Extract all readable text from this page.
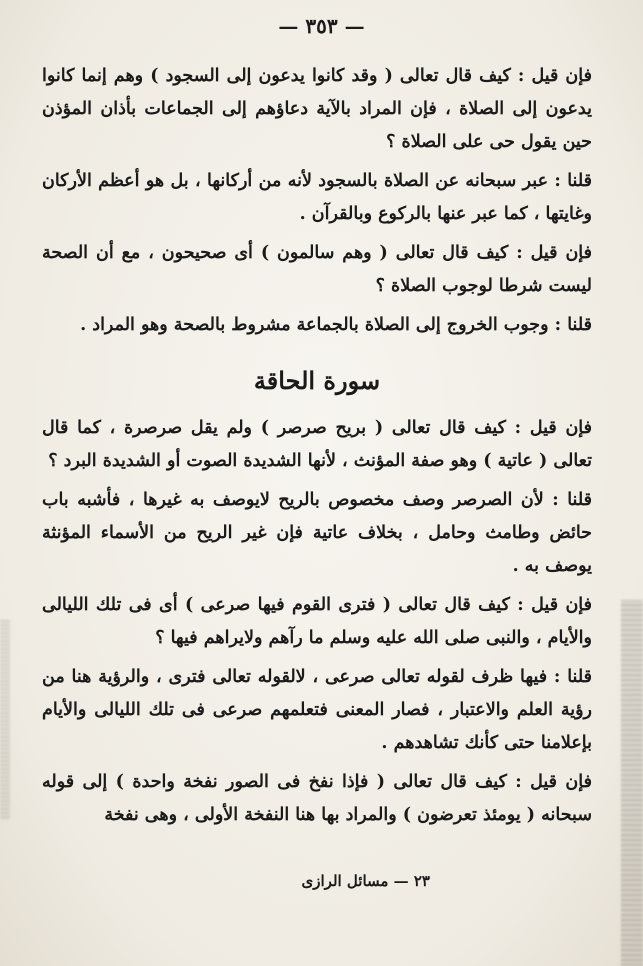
— ٣٥٣ —

فإن قيل : كيف قال تعالى ( وقد كانوا يدعون إلى السجود ) وهم إنما كانوا يدعون إلى الصلاة ، فإن المراد بالآية دعاؤهم إلى الجماعات بأذان المؤذن حين يقول حى على الصلاة ؟

قلنا : عبر سبحانه عن الصلاة بالسجود لأنه من أركانها ، بل هو أعظم الأركان وغايتها ، كما عبر عنها بالركوع وبالقرآن .

فإن قيل : كيف قال تعالى ( وهم سالمون ) أى صحيحون ، مع أن الصحة ليست شرطا لوجوب الصلاة ؟

قلنا : وجوب الخروج إلى الصلاة بالجماعة مشروط بالصحة وهو المراد .

سورة الحاقة

فإن قيل : كيف قال تعالى ( بريح صرصر ) ولم يقل صرصرة ، كما قال تعالى ( عاتية ) وهو صفة المؤنث ، لأنها الشديدة الصوت أو الشديدة البرد ؟

قلنا : لأن الصرصر وصف مخصوص بالريح لايوصف به غيرها ، فأشبه باب حائض وطامث وحامل ، بخلاف عاتية فإن غير الريح من الأسماء المؤنثة يوصف به .

فإن قيل : كيف قال تعالى ( فترى القوم فيها صرعى ) أى فى تلك الليالى والأيام ، والنبى صلى الله عليه وسلم ما رآهم ولايراهم فيها ؟

قلنا : فيها ظرف لقوله تعالى صرعى ، لالقوله تعالى فترى ، والرؤية هنا من رؤية العلم والاعتبار ، فصار المعنى فتعلمهم صرعى فى تلك الليالى والأيام بإعلامنا حتى كأنك تشاهدهم .

فإن قيل : كيف قال تعالى ( فإذا نفخ فى الصور نفخة واحدة ) إلى قوله سبحانه ( يومئذ تعرضون ) والمراد بها هنا النفخة الأولى ، وهى نفخة

٢٣ — مسائل الرازى
